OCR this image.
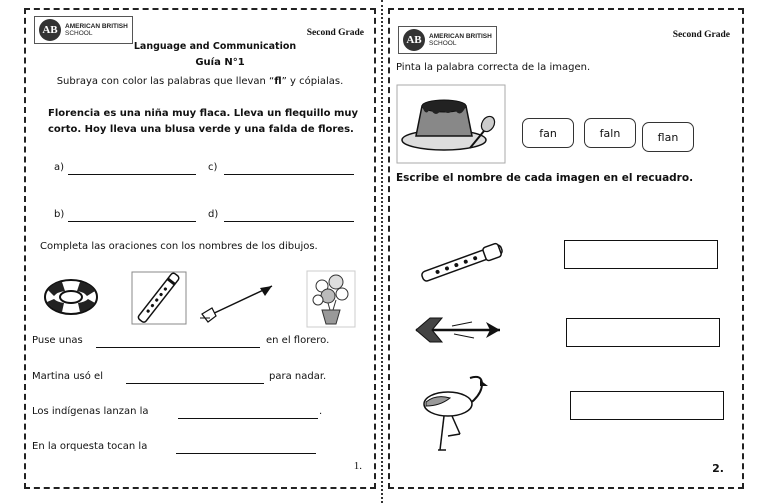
AB	AMERICAN BRITISH
SCHOOL	Second Grade
Language and Communication
Guía N°1
Subraya con color las palabras que llevan “fl” y cópialas.
Florencia es una niña muy flaca. Lleva un flequillo muy
corto. Hoy lleva una blusa verde y una falda de flores.
a)	c)
b)	d)
Completa las oraciones con los nombres de los dibujos.
Puse unas	en el florero.
Martina usó el	para nadar.
Los indígenas lanzan la	.
En la orquesta tocan la
1.
AB	AMERICAN BRITISH
SCHOOL
Second Grade
Pinta la palabra correcta de la imagen.
fan	faln	flan
Escribe el nombre de cada imagen en el recuadro.
2.
